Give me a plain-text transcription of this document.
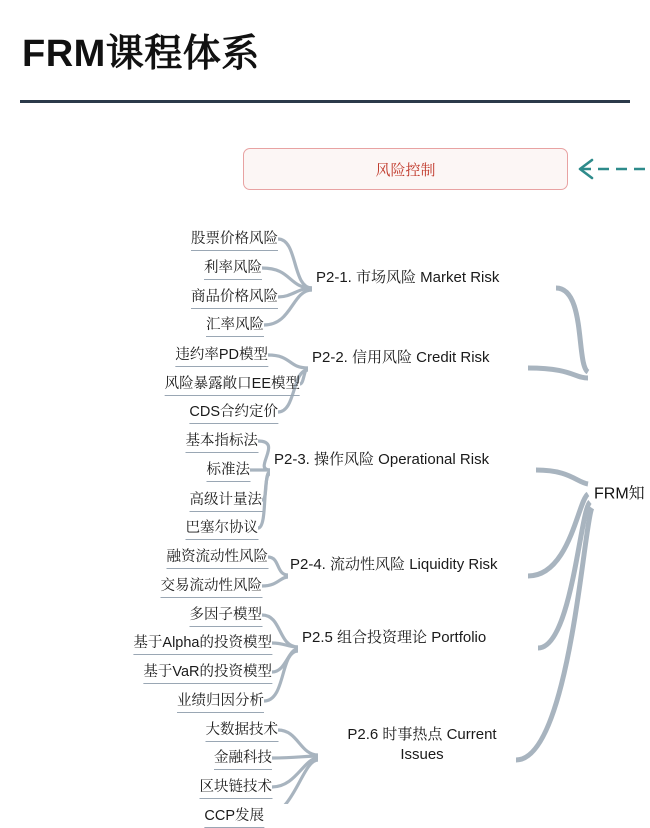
FRM课程体系
风险控制
股票价格风险
利率风险
商品价格风险
汇率风险
P2-1. 市场风险 Market Risk
违约率PD模型
风险暴露敞口EE模型
CDS合约定价
P2-2. 信用风险 Credit Risk
基本指标法
标准法
高级计量法
巴塞尔协议
P2-3. 操作风险 Operational Risk
融资流动性风险
交易流动性风险
P2-4. 流动性风险 Liquidity Risk
多因子模型
基于Alpha的投资模型
基于VaR的投资模型
业绩归因分析
P2.5 组合投资理论 Portfolio
大数据技术
金融科技
区块链技术
CCP发展
P2.6 时事热点 Current
Issues
FRM知
